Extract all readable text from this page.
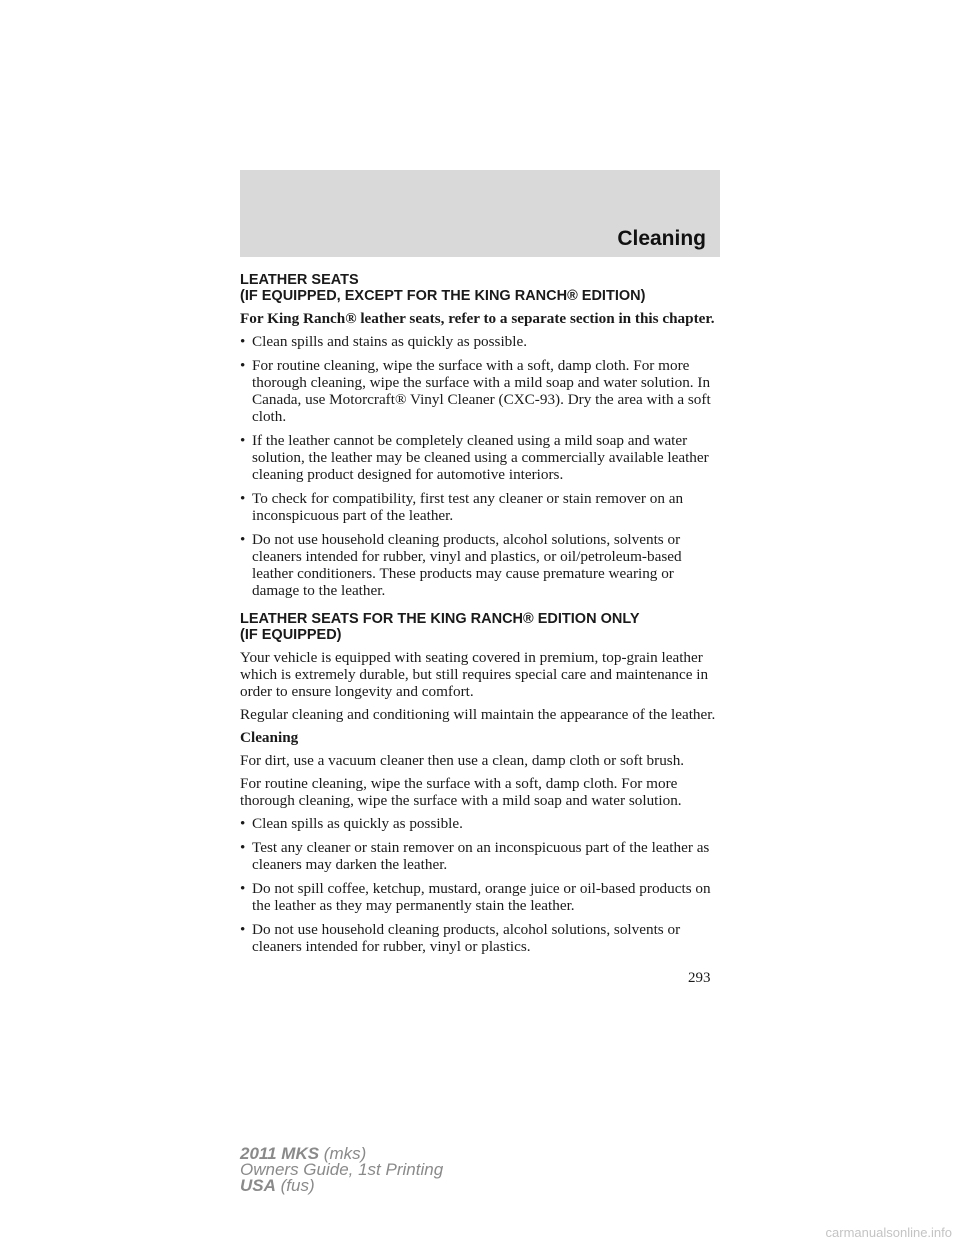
Cleaning
LEATHER SEATS
(IF EQUIPPED, EXCEPT FOR THE KING RANCH® EDITION)

For King Ranch® leather seats, refer to a separate section in this chapter.

• Clean spills and stains as quickly as possible.
• For routine cleaning, wipe the surface with a soft, damp cloth. For more thorough cleaning, wipe the surface with a mild soap and water solution. In Canada, use Motorcraft® Vinyl Cleaner (CXC-93). Dry the area with a soft cloth.
• If the leather cannot be completely cleaned using a mild soap and water solution, the leather may be cleaned using a commercially available leather cleaning product designed for automotive interiors.
• To check for compatibility, first test any cleaner or stain remover on an inconspicuous part of the leather.
• Do not use household cleaning products, alcohol solutions, solvents or cleaners intended for rubber, vinyl and plastics, or oil/petroleum-based leather conditioners. These products may cause premature wearing or damage to the leather.
LEATHER SEATS FOR THE KING RANCH® EDITION ONLY
(IF EQUIPPED)

Your vehicle is equipped with seating covered in premium, top-grain leather which is extremely durable, but still requires special care and maintenance in order to ensure longevity and comfort.

Regular cleaning and conditioning will maintain the appearance of the leather.

Cleaning

For dirt, use a vacuum cleaner then use a clean, damp cloth or soft brush.

For routine cleaning, wipe the surface with a soft, damp cloth. For more thorough cleaning, wipe the surface with a mild soap and water solution.

• Clean spills as quickly as possible.
• Test any cleaner or stain remover on an inconspicuous part of the leather as cleaners may darken the leather.
• Do not spill coffee, ketchup, mustard, orange juice or oil-based products on the leather as they may permanently stain the leather.
• Do not use household cleaning products, alcohol solutions, solvents or cleaners intended for rubber, vinyl or plastics.
293
2011 MKS (mks)
Owners Guide, 1st Printing
USA (fus)
carmanualsonline.info
